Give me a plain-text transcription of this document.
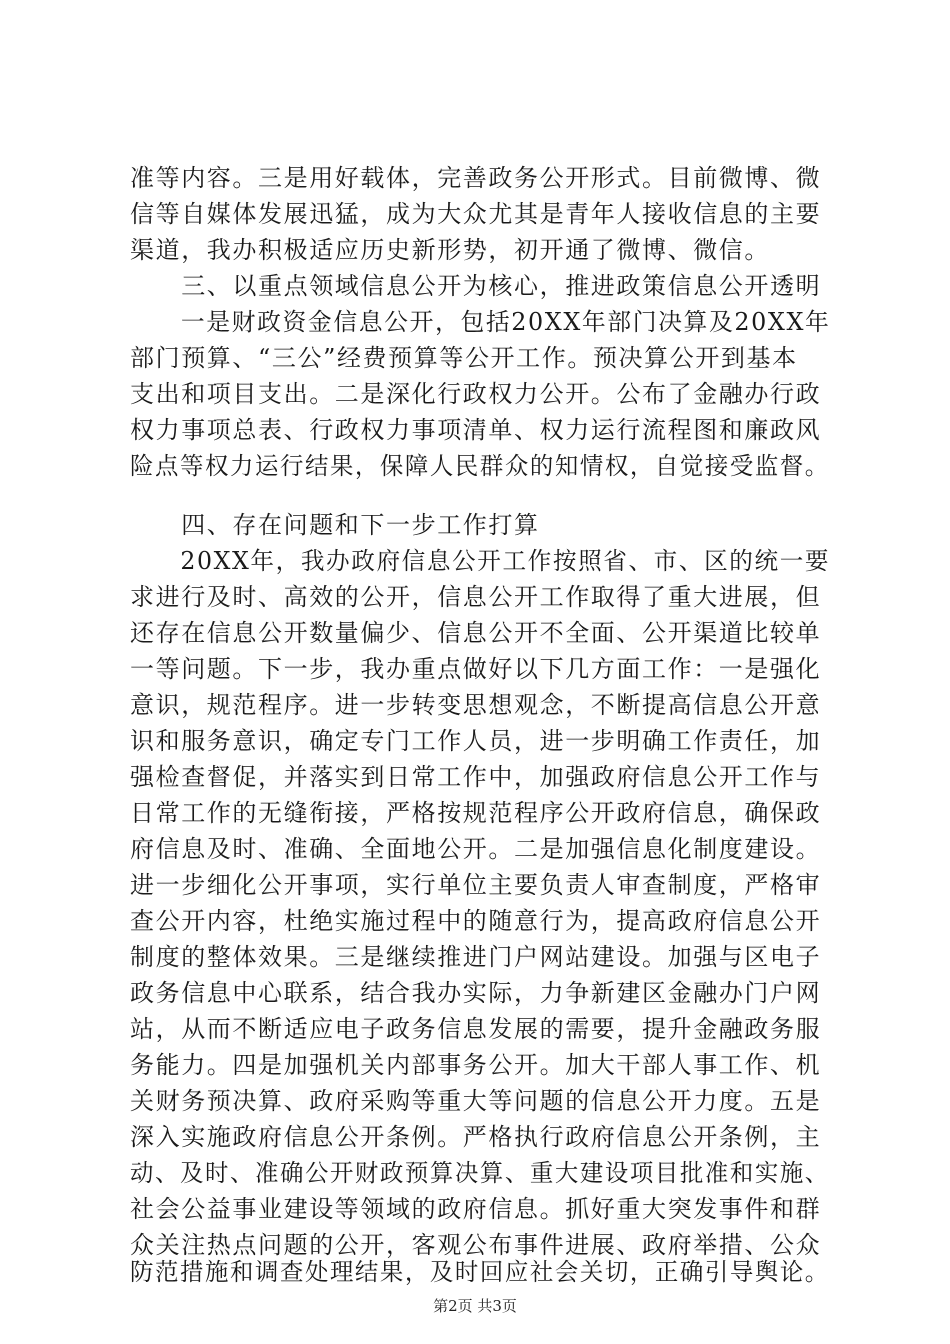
准等内容。三是用好载体，完善政务公开形式。目前微博、微
信等自媒体发展迅猛，成为大众尤其是青年人接收信息的主要
渠道，我办积极适应历史新形势，初开通了微博、微信。
　　三、以重点领域信息公开为核心，推进政策信息公开透明
　　一是财政资金信息公开，包括20XX年部门决算及20XX年
部门预算、“三公”经费预算等公开工作。预决算公开到基本
支出和项目支出。二是深化行政权力公开。公布了金融办行政
权力事项总表、行政权力事项清单、权力运行流程图和廉政风
险点等权力运行结果，保障人民群众的知情权，自觉接受监督。
　　四、存在问题和下一步工作打算
　　20XX年，我办政府信息公开工作按照省、市、区的统一要
求进行及时、高效的公开，信息公开工作取得了重大进展，但
还存在信息公开数量偏少、信息公开不全面、公开渠道比较单
一等问题。下一步，我办重点做好以下几方面工作：一是强化
意识，规范程序。进一步转变思想观念，不断提高信息公开意
识和服务意识，确定专门工作人员，进一步明确工作责任，加
强检查督促，并落实到日常工作中，加强政府信息公开工作与
日常工作的无缝衔接，严格按规范程序公开政府信息，确保政
府信息及时、准确、全面地公开。二是加强信息化制度建设。
进一步细化公开事项，实行单位主要负责人审查制度，严格审
查公开内容，杜绝实施过程中的随意行为，提高政府信息公开
制度的整体效果。三是继续推进门户网站建设。加强与区电子
政务信息中心联系，结合我办实际，力争新建区金融办门户网
站，从而不断适应电子政务信息发展的需要，提升金融政务服
务能力。四是加强机关内部事务公开。加大干部人事工作、机
关财务预决算、政府采购等重大等问题的信息公开力度。五是
深入实施政府信息公开条例。严格执行政府信息公开条例，主
动、及时、准确公开财政预算决算、重大建设项目批准和实施、
社会公益事业建设等领域的政府信息。抓好重大突发事件和群
众关注热点问题的公开，客观公布事件进展、政府举措、公众
防范措施和调查处理结果，及时回应社会关切，正确引导舆论。
第2页 共3页
